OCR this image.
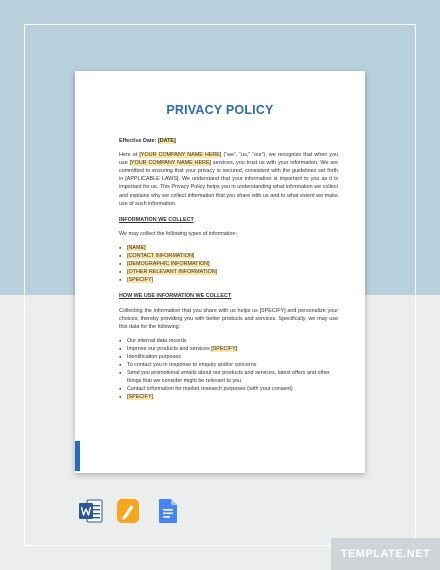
PRIVACY POLICY

Effective Date: [DATE]

Here at [YOUR COMPANY NAME HERE] (“we”, “us,” “our”), we recognize that when you use [YOUR COMPANY NAME HERE] services, you trust us with your information. We are committed to ensuring that your privacy is secured, consistent with the guidelines set forth in [APPLICABLE LAWS]. We understand that your information is important to you as it is important for us. This Privacy Policy helps you in understanding what information we collect and explains why we collect information that you share with us and to what extent we make use of such information.

INFORMATION WE COLLECT

We may collect the following types of information:

● [NAME]
● [CONTACT INFORMATION]
● [DEMOGRAPHIC INFORMATION]
● [OTHER RELEVANT INFORMATION]
● [SPECIFY]

HOW WE USE INFORMATION WE COLLECT

Collecting the information that you share with us helps us [SPECIFY] and personalize your choices, thereby providing you with better products and services. Specifically, we may use this data for the following:

● Our internal data records
● Improve our products and services [SPECIFY]
● Identification purposes
● To contact you in response to enquiry and/or concerns
● Send you promotional emails about our products and services, latest offers and other things that we consider might be relevant to you
● Contact information for market research purposes (with your consent)
● [SPECIFY]
TEMPLATE.NET
